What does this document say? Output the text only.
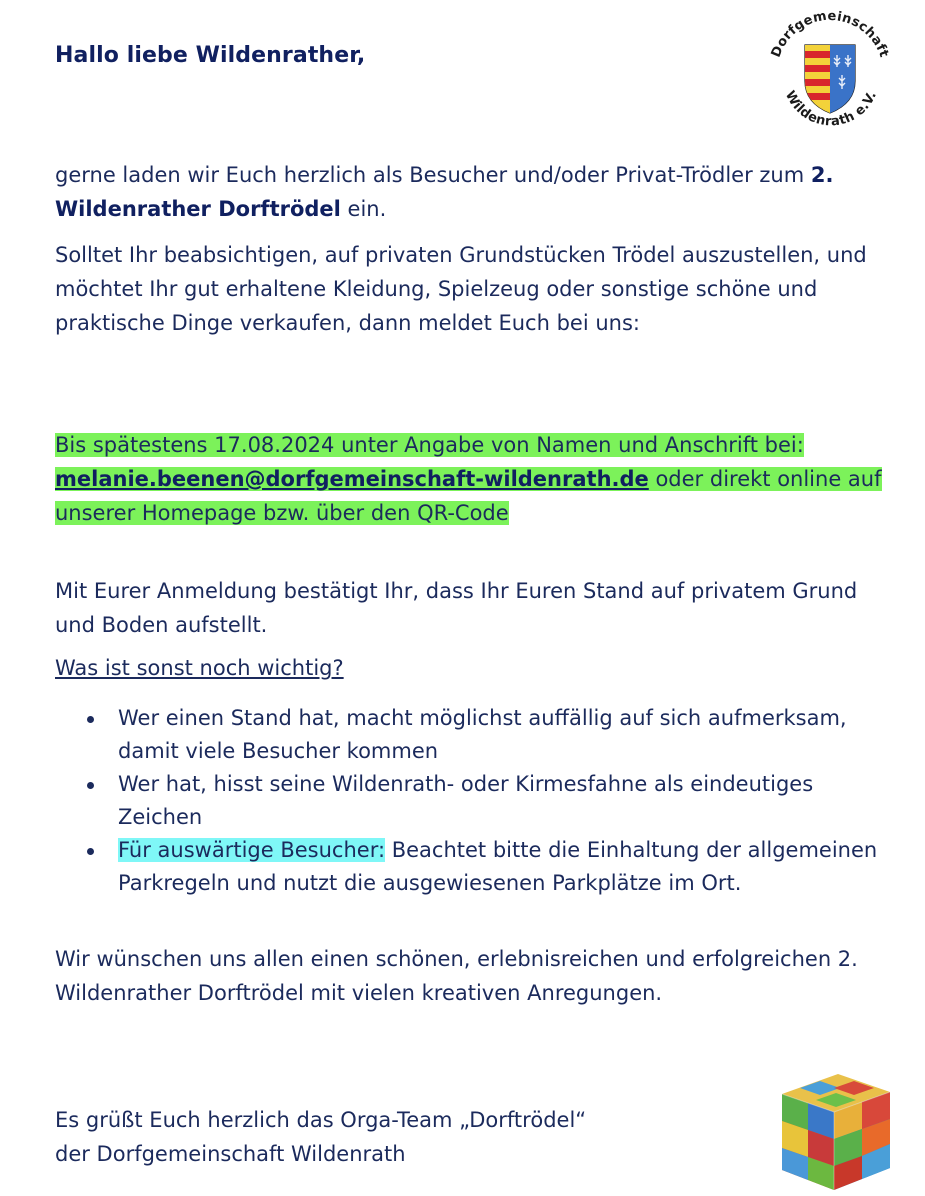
Hallo liebe Wildenrather,	Dorfgemeinschaft
Wildenrath e.V.
gerne laden wir Euch herzlich als Besucher und/oder Privat-Trödler zum 2. Wildenrather Dorftrödel ein.
Solltet Ihr beabsichtigen, auf privaten Grundstücken Trödel auszustellen, und möchtet Ihr gut erhaltene Kleidung, Spielzeug oder sonstige schöne und praktische Dinge verkaufen, dann meldet Euch bei uns:
Bis spätestens 17.08.2024 unter Angabe von Namen und Anschrift bei:
melanie.beenen@dorfgemeinschaft-wildenrath.de oder direkt online auf unserer Homepage bzw. über den QR-Code
Mit Eurer Anmeldung bestätigt Ihr, dass Ihr Euren Stand auf privatem Grund und Boden aufstellt.
Was ist sonst noch wichtig?
Wer einen Stand hat, macht möglichst auffällig auf sich aufmerksam, damit viele Besucher kommen
Wer hat, hisst seine Wildenrath- oder Kirmesfahne als eindeutiges Zeichen
Für auswärtige Besucher: Beachtet bitte die Einhaltung der allgemeinen Parkregeln und nutzt die ausgewiesenen Parkplätze im Ort.
Wir wünschen uns allen einen schönen, erlebnisreichen und erfolgreichen 2. Wildenrather Dorftrödel mit vielen kreativen Anregungen.
Es grüßt Euch herzlich das Orga-Team „Dorftrödel“
der Dorfgemeinschaft Wildenrath
